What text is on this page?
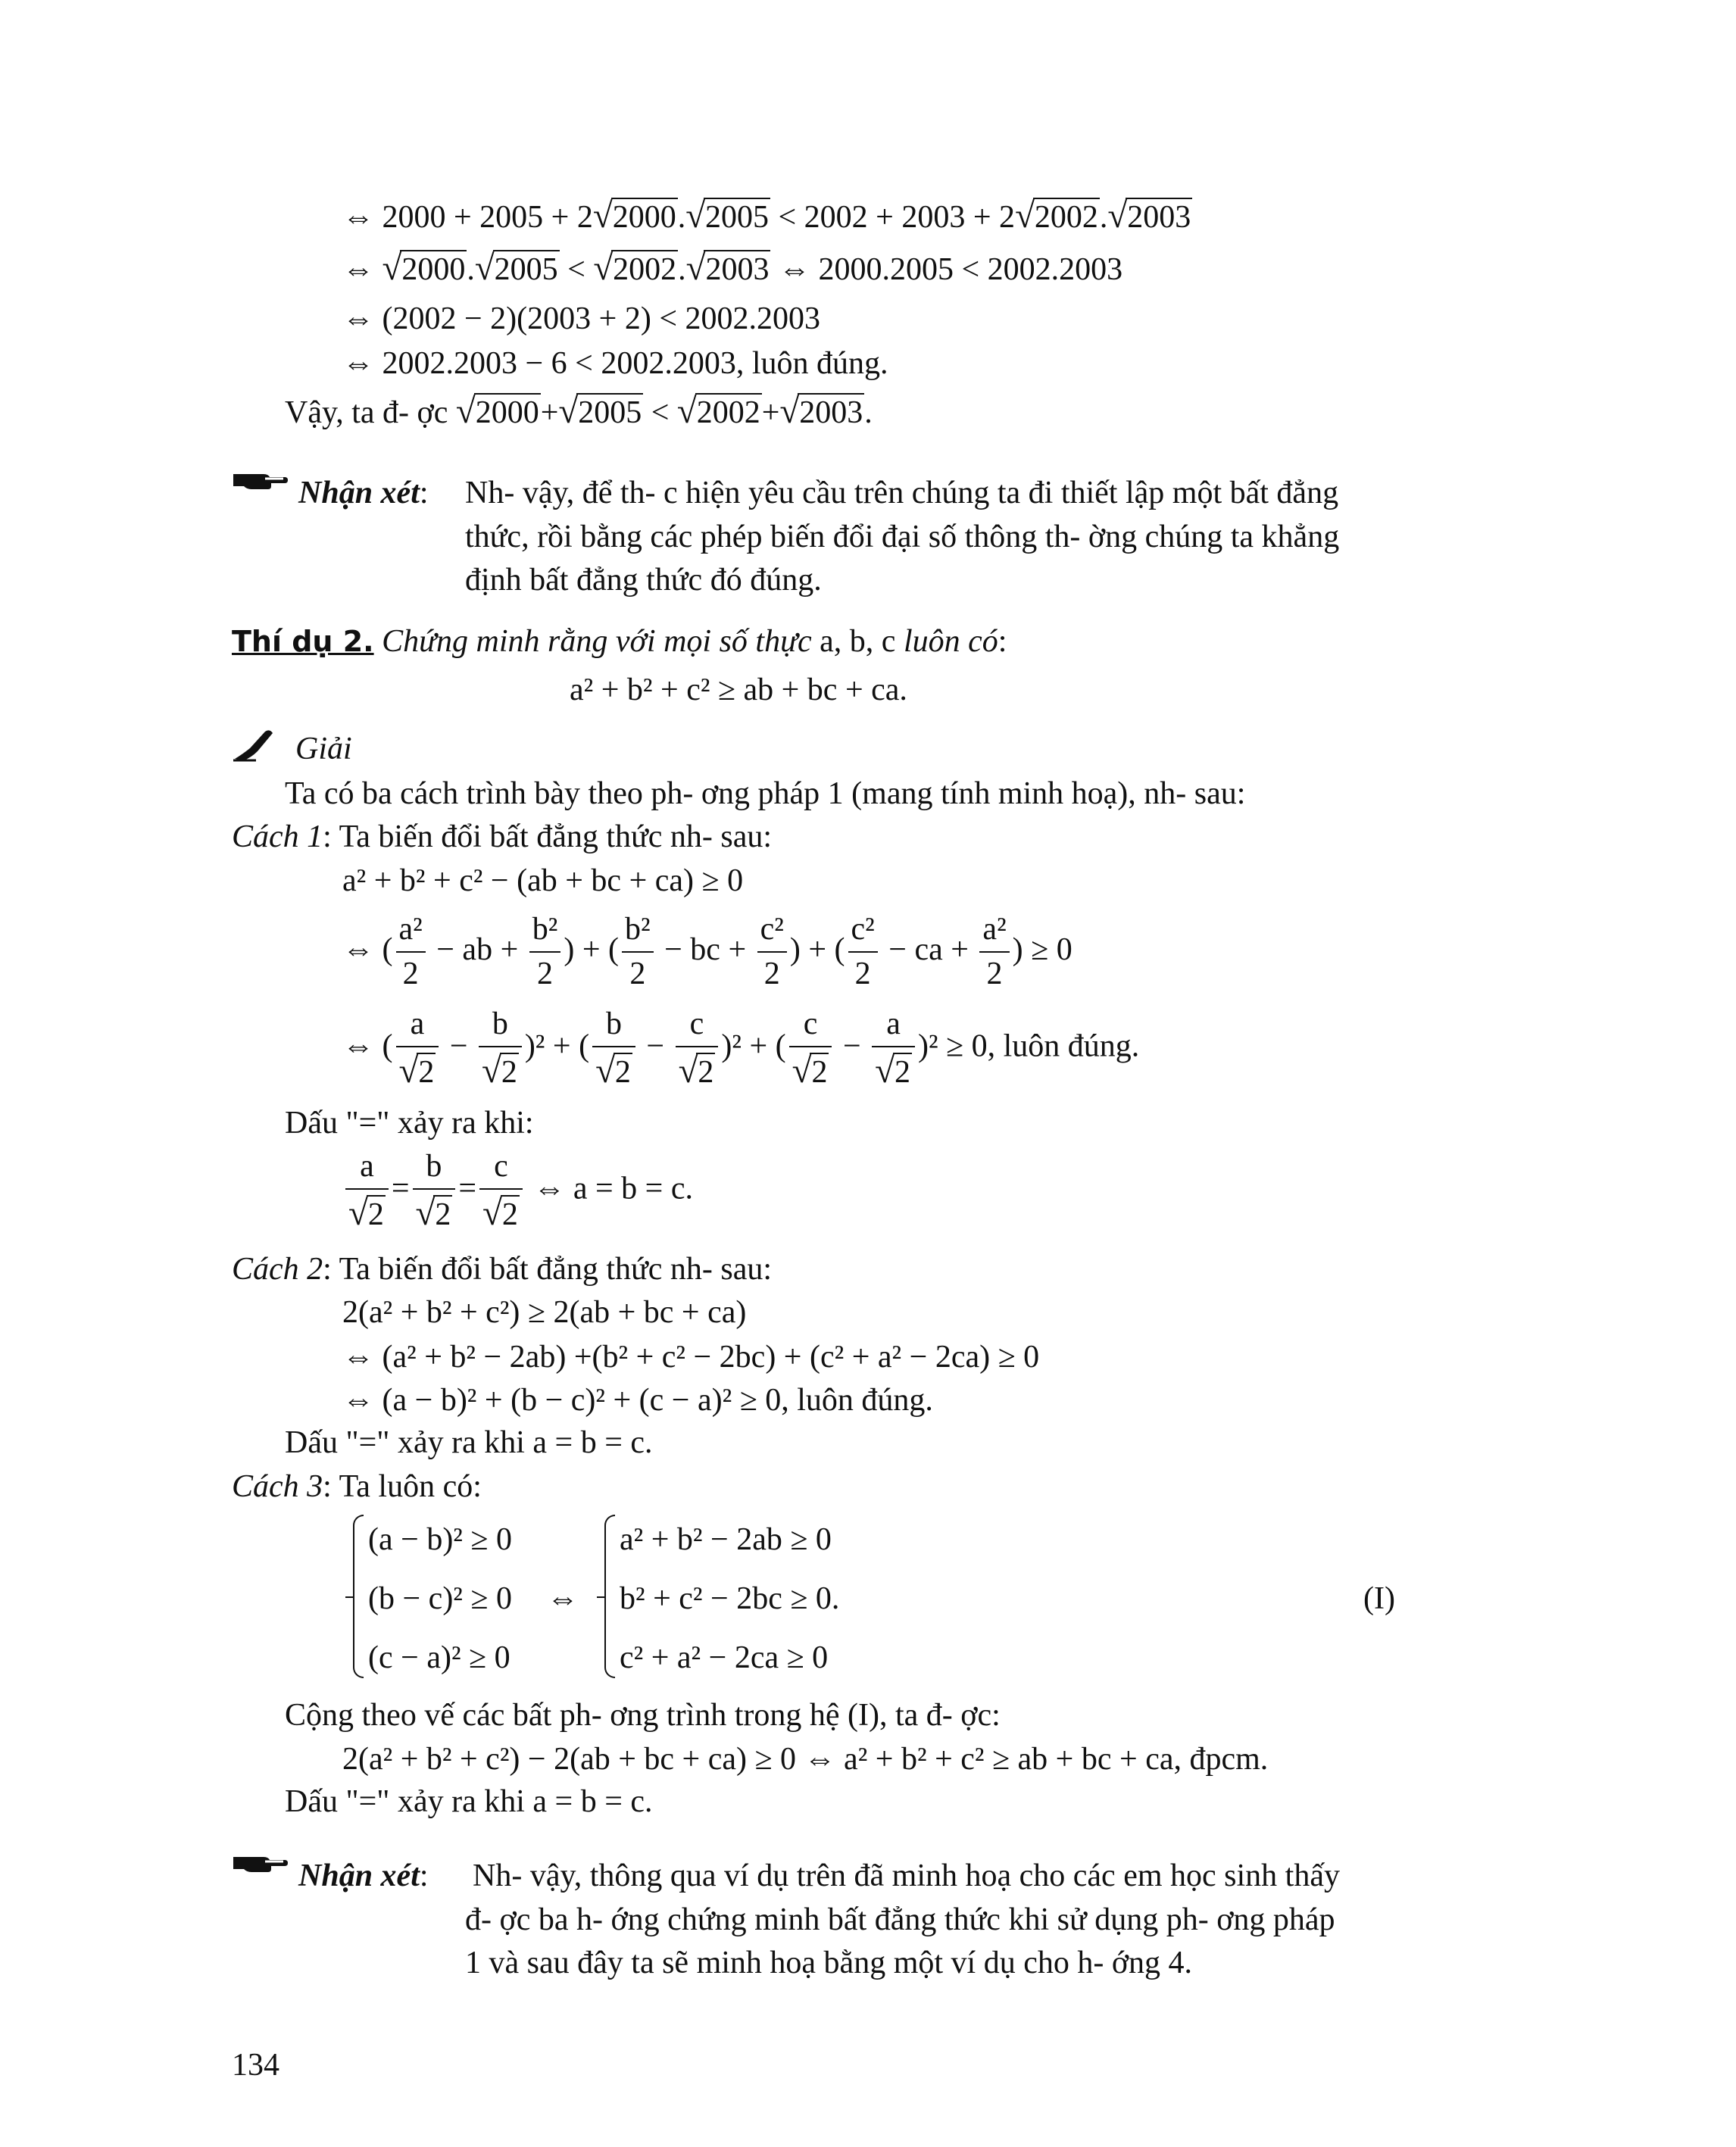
⇔ 2000 + 2005 + 2√2000.√2005 < 2002 + 2003 + 2√2002.√2003
⇔ √2000.√2005 < √2002.√2003 ⇔ 2000.2005 < 2002.2003
⇔ (2002 − 2)(2003 + 2) < 2002.2003
⇔ 2002.2003 − 6 < 2002.2003, luôn đúng.
Vậy, ta đ- ợc √2000+√2005 < √2002+√2003.
Nhận xét: Nh- vậy, để th- c hiện yêu cầu trên chúng ta đi thiết lập một bất đẳng
thức, rồi bằng các phép biến đổi đại số thông th- ờng chúng ta khẳng
định bất đẳng thức đó đúng.
Thí dụ 2. Chứng minh rằng với mọi số thực a, b, c luôn có:
a² + b² + c² ≥ ab + bc + ca.
Giải
Ta có ba cách trình bày theo ph- ơng pháp 1 (mang tính minh hoạ), nh- sau:
Cách 1: Ta biến đổi bất đẳng thức nh- sau:
a² + b² + c² − (ab + bc + ca) ≥ 0
⇔ ( $\frac{\text{a²}}{2}$ − ab + $\frac{\text{b²}}{2}$ ) + ( $\frac{\text{b²}}{2}$ − bc + $\frac{\text{c²}}{2}$ ) + ( $\frac{\text{c²}}{2}$ − ca + $\frac{\text{a²}}{2}$ ) ≥ 0
⇔ ( $\frac{a}{√2} - \frac{b}{√2} )^2$ + ( $\frac{b}{√2} - \frac{c}{√2} )^2$ + ( $\frac{c}{√2} - \frac{a}{√2} )^2 \ge 0$, luôn đúng.
Dấu "=" xảy ra khi:
$\frac{a}{√2} = \frac{b}{√2} = \frac{c}{√2}$ ⇔ a = b = c.
Cách 2: Ta biến đổi bất đẳng thức nh- sau:
2(a² + b² + c²) ≥ 2(ab + bc + ca)
⇔ (a² + b² − 2ab) +(b² + c² − 2bc) + (c² + a² − 2ca) ≥ 0
⇔ (a − b)² + (b − c)² + (c − a)² ≥ 0, luôn đúng.
Dấu "=" xảy ra khi a = b = c.
Cách 3: Ta luôn có:
(a − b)² ≥ 0
(b − c)² ≥ 0
(c − a)² ≥ 0
⇔
a² + b² − 2ab ≥ 0
b² + c² − 2bc ≥ 0.
c² + a² − 2ca ≥ 0
(I)
Cộng theo vế các bất ph- ơng trình trong hệ (I), ta đ- ợc:
2(a² + b² + c²) − 2(ab + bc + ca) ≥ 0 ⇔ a² + b² + c² ≥ ab + bc + ca, đpcm.
Dấu "=" xảy ra khi a = b = c.
Nhận xét: Nh- vậy, thông qua ví dụ trên đã minh hoạ cho các em học sinh thấy
đ- ợc ba h- ớng chứng minh bất đẳng thức khi sử dụng ph- ơng pháp
1 và sau đây ta sẽ minh hoạ bằng một ví dụ cho h- ớng 4.
134
